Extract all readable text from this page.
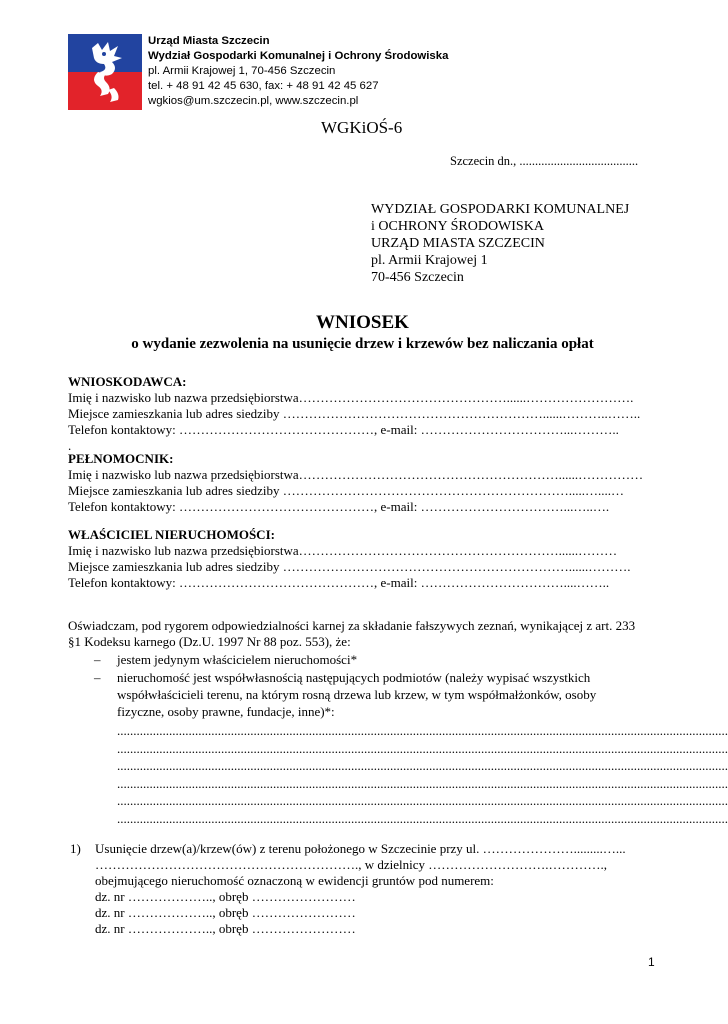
Urząd Miasta Szczecin
Wydział Gospodarki Komunalnej i Ochrony Środowiska
pl. Armii Krajowej 1, 70-456 Szczecin
tel. + 48 91 42 45 630, fax: + 48 91 42 45 627
wgkios@um.szczecin.pl, www.szczecin.pl
WGKiOŚ-6
Szczecin dn., ......................................
WYDZIAŁ GOSPODARKI KOMUNALNEJ
i OCHRONY ŚRODOWISKA
URZĄD MIASTA SZCZECIN
pl. Armii Krajowej 1
70-456 Szczecin
WNIOSEK
o wydanie zezwolenia na usunięcie drzew i krzewów bez naliczania opłat
WNIOSKODAWCA:
Imię i nazwisko lub nazwa przedsiębiorstwa…………………………………………......…………………….
Miejsce zamieszkania lub adres siedziby ……………………………………………………......………..……..
Telefon kontaktowy: ………………………………………, e-mail: ……………………………...………..
.
PEŁNOMOCNIK:
Imię i nazwisko lub nazwa przedsiębiorstwa……………………………………………………......……………
Miejsce zamieszkania lub adres siedziby ………………………………………………………….....…....…
Telefon kontaktowy: ………………………………………, e-mail: ……………………………...…..….
WŁAŚCICIEL NIERUCHOMOŚCI:
Imię i nazwisko lub nazwa przedsiębiorstwa……………………………………………………......………
Miejsce zamieszkania lub adres siedziby …………………………………………………………......……….
Telefon kontaktowy: ………………………………………, e-mail: ……………………………....……..
Oświadczam, pod rygorem odpowiedzialności karnej za składanie fałszywych zeznań, wynikającej z art. 233
§1 Kodeksu karnego (Dz.U. 1997 Nr 88 poz. 553), że:
– jestem jedynym właścicielem nieruchomości*
– nieruchomość jest współwłasnością następujących podmiotów (należy wypisać wszystkich
współwłaścicieli terenu, na którym rosną drzewa lub krzew, w tym współmałżonków, osoby
fizyczne, osoby prawne, fundacje, inne)*:
............................................................................................................................................................................................
............................................................................................................................................................................................
............................................................................................................................................................................................
............................................................................................................................................................................................
............................................................................................................................................................................................
............................................................................................................................................................................................
1) Usunięcie drzew(a)/krzew(ów) z terenu położonego w Szczecinie przy ul. ………………….........…...
……………………………………………………., w dzielnicy ……………………….………….,
obejmującego nieruchomość oznaczoną w ewidencji gruntów pod numerem:
dz. nr ……………….., obręb ……………………
dz. nr ……………….., obręb ……………………
dz. nr ……………….., obręb ……………………
1
